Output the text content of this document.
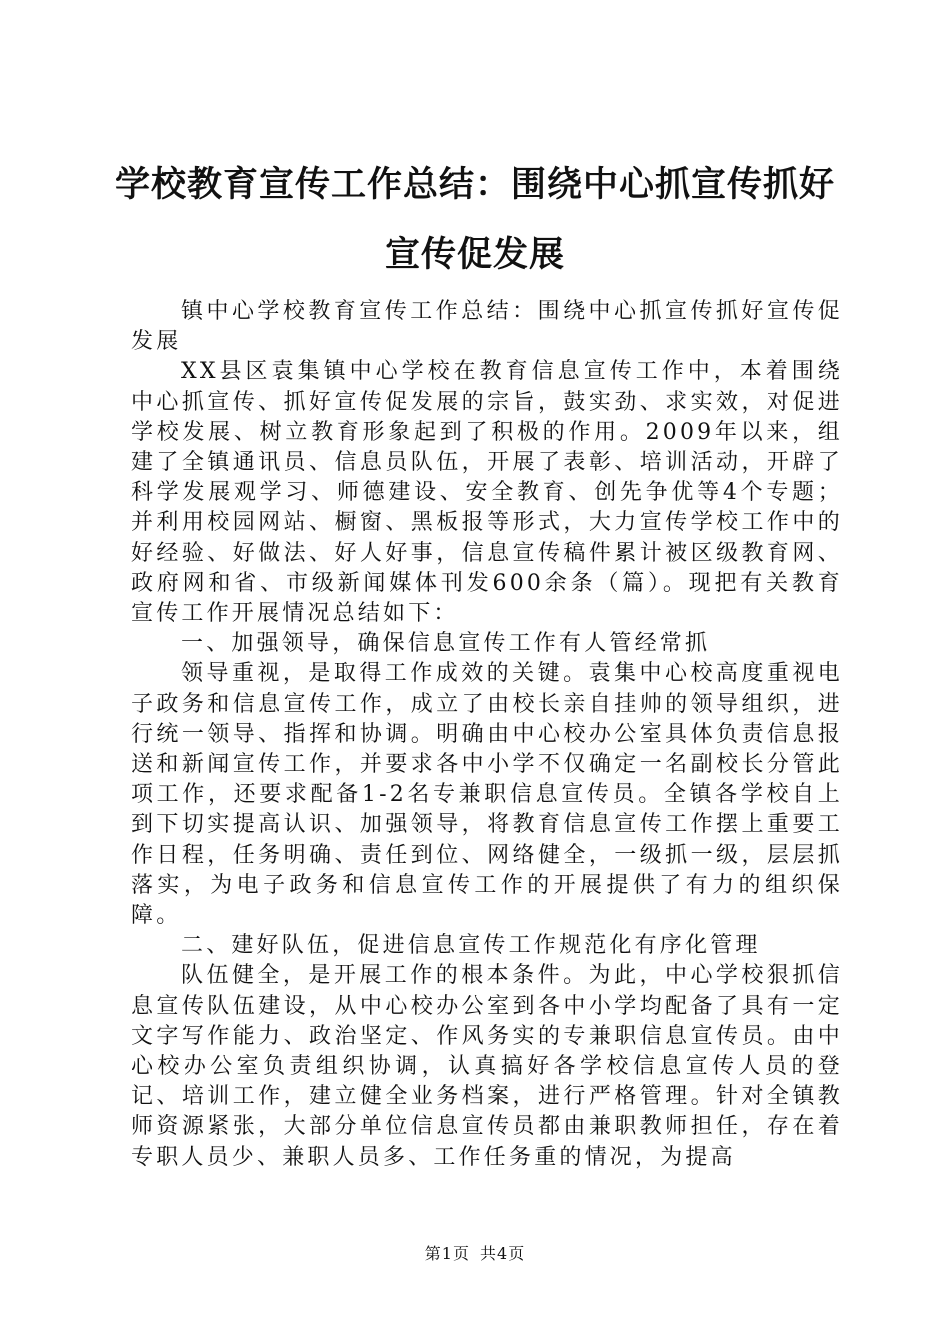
学校教育宣传工作总结：围绕中心抓宣传抓好
宣传促发展

镇中心学校教育宣传工作总结：围绕中心抓宣传抓好宣传促发展

XX县区袁集镇中心学校在教育信息宣传工作中，本着围绕中心抓宣传、抓好宣传促发展的宗旨，鼓实劲、求实效，对促进学校发展、树立教育形象起到了积极的作用。2009年以来，组建了全镇通讯员、信息员队伍，开展了表彰、培训活动，开辟了科学发展观学习、师德建设、安全教育、创先争优等4个专题；并利用校园网站、橱窗、黑板报等形式，大力宣传学校工作中的好经验、好做法、好人好事，信息宣传稿件累计被区级教育网、政府网和省、市级新闻媒体刊发600余条（篇）。现把有关教育宣传工作开展情况总结如下：

一、加强领导，确保信息宣传工作有人管经常抓

领导重视，是取得工作成效的关键。袁集中心校高度重视电子政务和信息宣传工作，成立了由校长亲自挂帅的领导组织，进行统一领导、指挥和协调。明确由中心校办公室具体负责信息报送和新闻宣传工作，并要求各中小学不仅确定一名副校长分管此项工作，还要求配备1-2名专兼职信息宣传员。全镇各学校自上到下切实提高认识、加强领导，将教育信息宣传工作摆上重要工作日程，任务明确、责任到位、网络健全，一级抓一级，层层抓落实，为电子政务和信息宣传工作的开展提供了有力的组织保障。

二、建好队伍，促进信息宣传工作规范化有序化管理

队伍健全，是开展工作的根本条件。为此，中心学校狠抓信息宣传队伍建设，从中心校办公室到各中小学均配备了具有一定文字写作能力、政治坚定、作风务实的专兼职信息宣传员。由中心校办公室负责组织协调，认真搞好各学校信息宣传人员的登记、培训工作，建立健全业务档案，进行严格管理。针对全镇教师资源紧张，大部分单位信息宣传员都由兼职教师担任，存在着专职人员少、兼职人员多、工作任务重的情况，为提高

第1页 共4页
